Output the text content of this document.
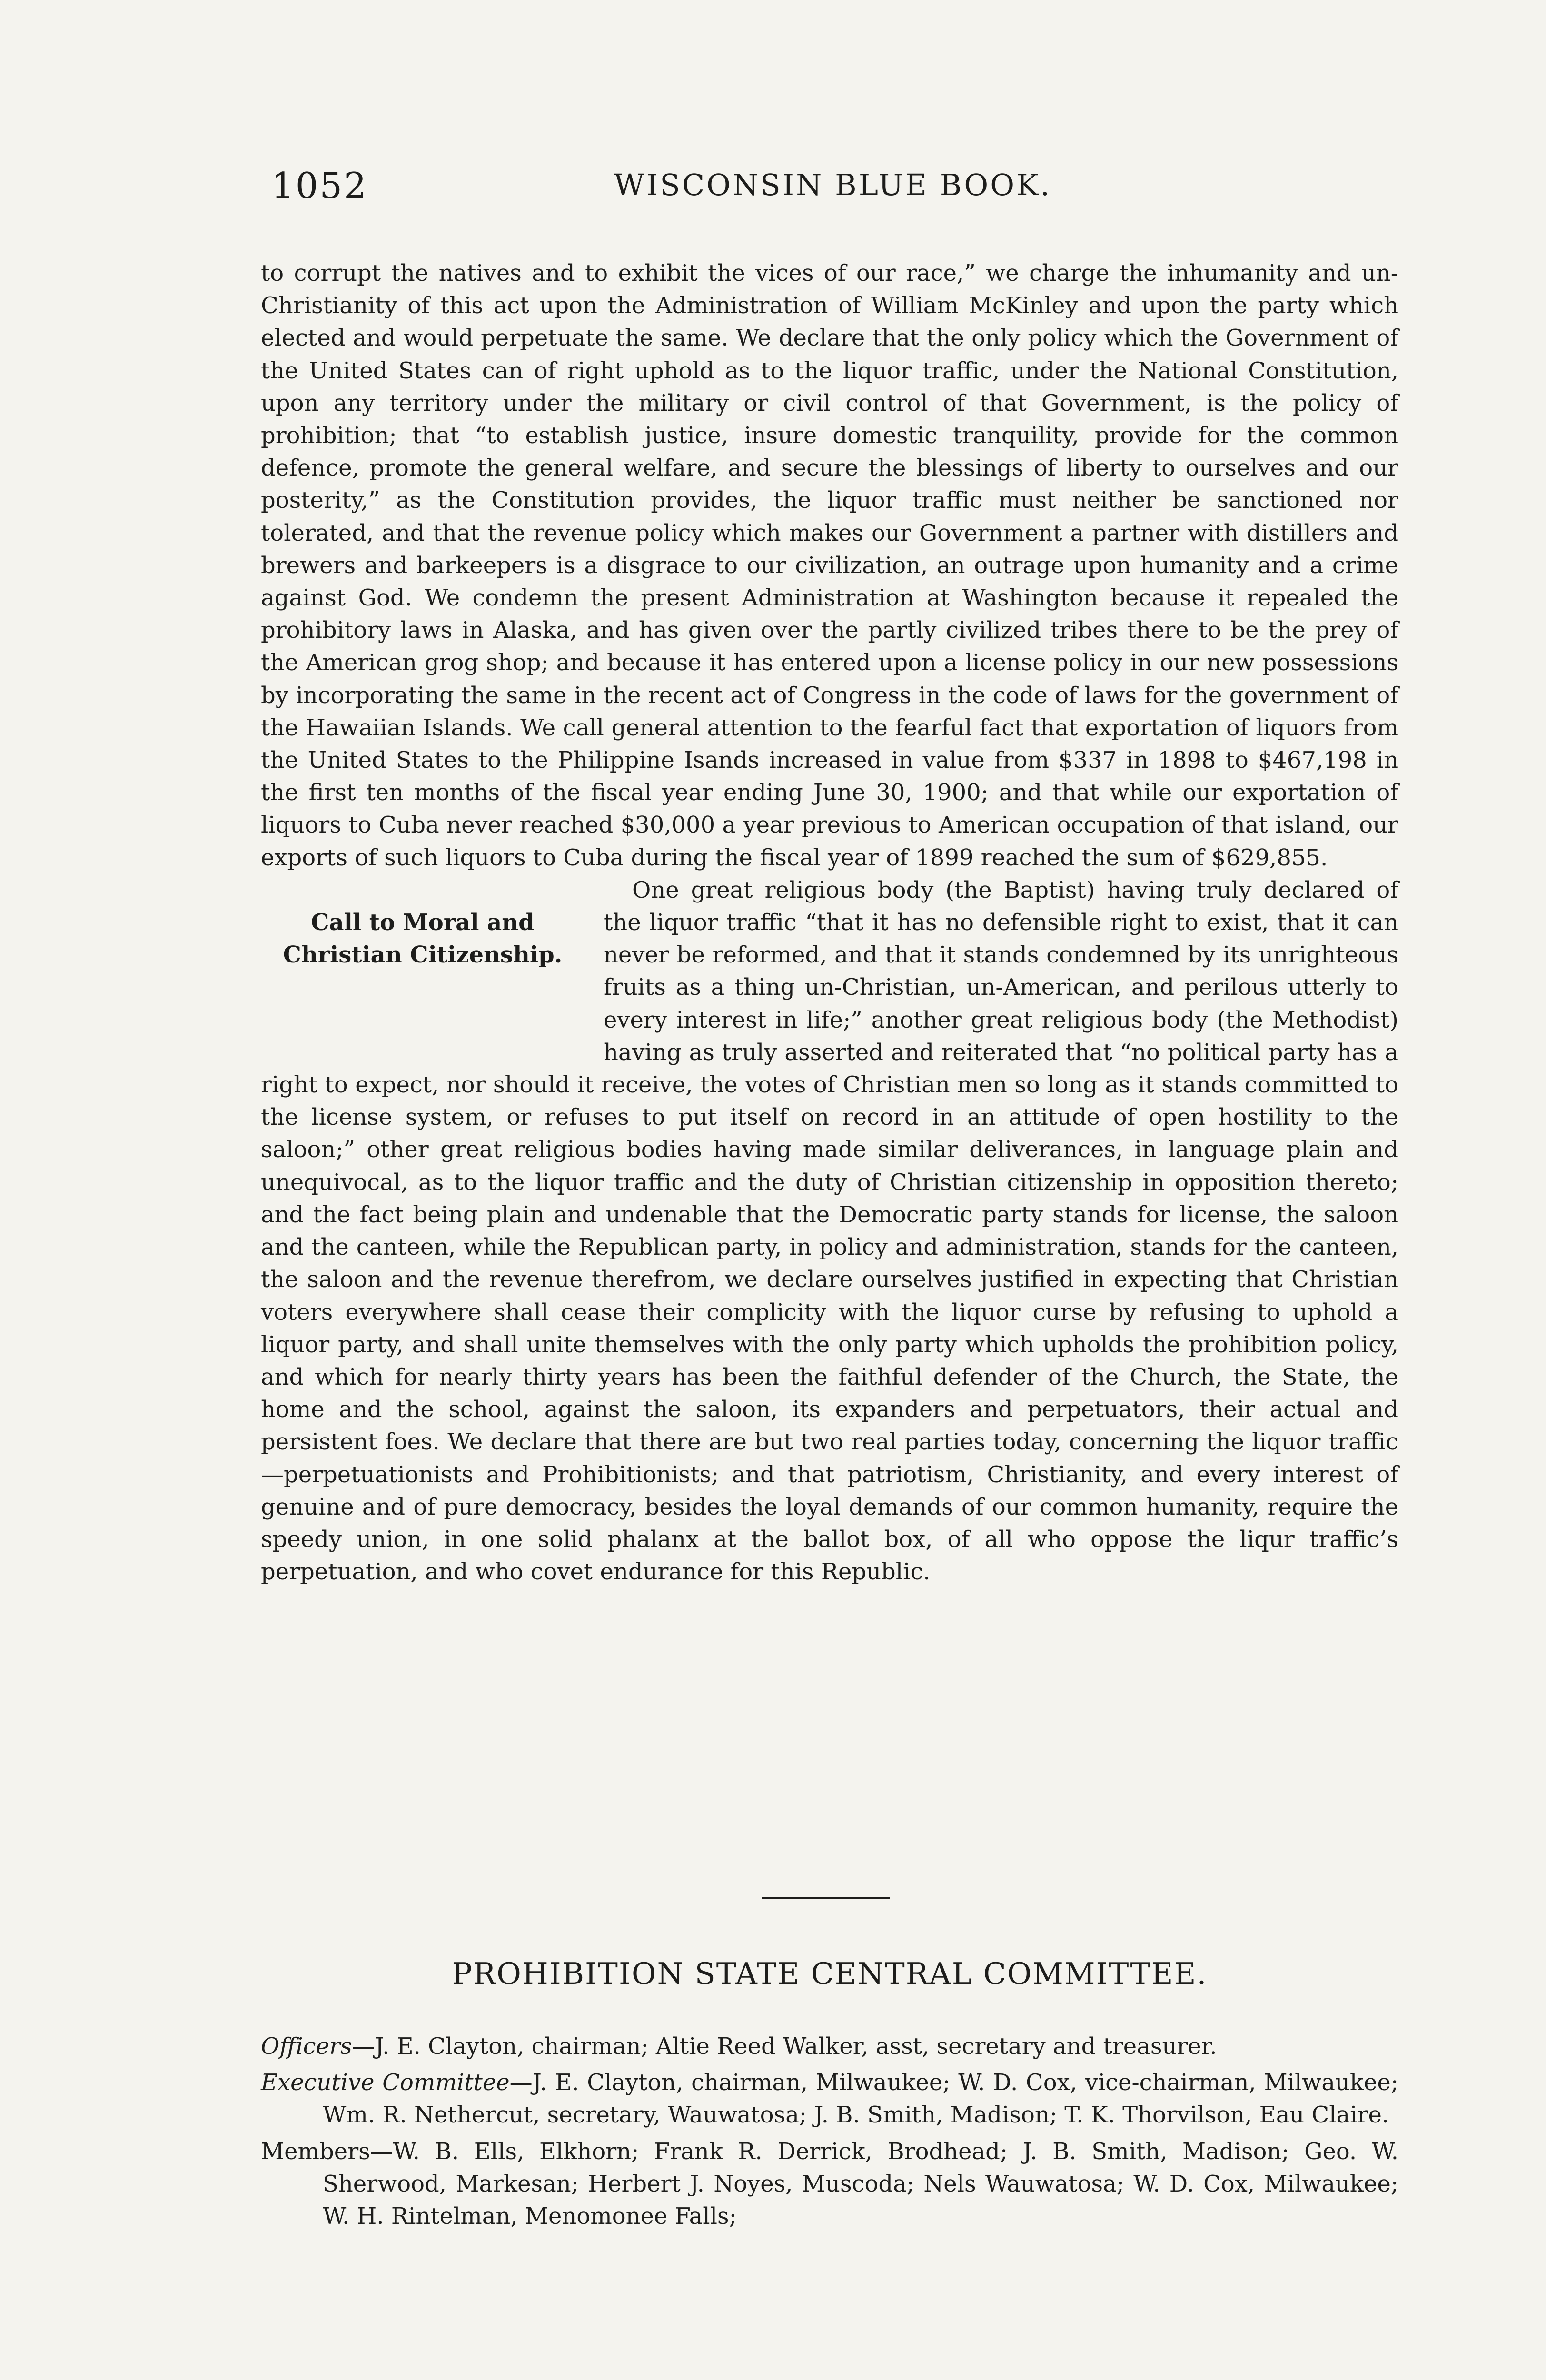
1052	WISCONSIN BLUE BOOK.

to corrupt the natives and to exhibit the vices of our race,” we charge the inhumanity and un-Christianity of this act upon the Administration of William McKinley and upon the party which elected and would perpetuate the same. We declare that the only policy which the Government of the United States can of right uphold as to the liquor traffic, under the National Constitution, upon any territory under the military or civil control of that Government, is the policy of prohibition; that “to establish justice, insure domestic tranquility, provide for the common defence, promote the general welfare, and secure the blessings of liberty to ourselves and our posterity,” as the Constitution provides, the liquor traffic must neither be sanctioned nor tolerated, and that the revenue policy which makes our Government a partner with distillers and brewers and barkeepers is a disgrace to our civilization, an outrage upon humanity and a crime against God. We condemn the present Administration at Washington because it repealed the prohibitory laws in Alaska, and has given over the partly civilized tribes there to be the prey of the American grog shop; and because it has entered upon a license policy in our new possessions by incorporating the same in the recent act of Congress in the code of laws for the government of the Hawaiian Islands. We call general attention to the fearful fact that exportation of liquors from the United States to the Philippine Isands increased in value from $337 in 1898 to $467,198 in the first ten months of the fiscal year ending June 30, 1900; and that while our exportation of liquors to Cuba never reached $30,000 a year previous to American occupation of that island, our exports of such liquors to Cuba during the fiscal year of 1899 reached the sum of $629,855.

Call to Moral and Christian Citizenship.

One great religious body (the Baptist) having truly declared of the liquor traffic “that it has no defensible right to exist, that it can never be reformed, and that it stands condemned by its unrighteous fruits as a thing un-Christian, un-American, and perilous utterly to every interest in life;” another great religious body (the Methodist) having as truly asserted and reiterated that “no political party has a right to expect, nor should it receive, the votes of Christian men so long as it stands committed to the license system, or refuses to put itself on record in an attitude of open hostility to the saloon;” other great religious bodies having made similar deliverances, in language plain and unequivocal, as to the liquor traffic and the duty of Christian citizenship in opposition thereto; and the fact being plain and undenable that the Democratic party stands for license, the saloon and the canteen, while the Republican party, in policy and administration, stands for the canteen, the saloon and the revenue therefrom, we declare ourselves justified in expecting that Christian voters everywhere shall cease their complicity with the liquor curse by refusing to uphold a liquor party, and shall unite themselves with the only party which upholds the prohibition policy, and which for nearly thirty years has been the faithful defender of the Church, the State, the home and the school, against the saloon, its expanders and perpetuators, their actual and persistent foes. We declare that there are but two real parties today, concerning the liquor traffic—perpetuationists and Prohibitionists; and that patriotism, Christianity, and every interest of genuine and of pure democracy, besides the loyal demands of our common humanity, require the speedy union, in one solid phalanx at the ballot box, of all who oppose the liqur traffic’s perpetuation, and who covet endurance for this Republic.

PROHIBITION STATE CENTRAL COMMITTEE.
Officers—J. E. Clayton, chairman; Altie Reed Walker, asst, secretary and treasurer.
Executive Committee—J. E. Clayton, chairman, Milwaukee; W. D. Cox, vice-chairman, Milwaukee; Wm. R. Nethercut, secretary, Wauwatosa; J. B. Smith, Madison; T. K. Thorvilson, Eau Claire.
Members—W. B. Ells, Elkhorn; Frank R. Derrick, Brodhead; J. B. Smith, Madison; Geo. W. Sherwood, Markesan; Herbert J. Noyes, Muscoda; Nels Wauwatosa; W. D. Cox, Milwaukee; W. H. Rintelman, Menomonee Falls;
